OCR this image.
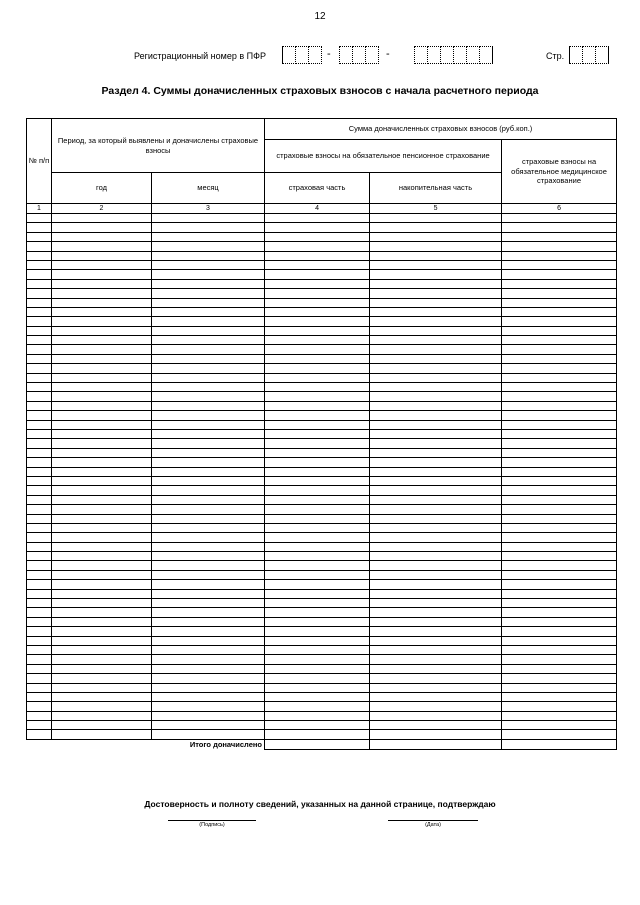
12
Регистрационный номер в ПФР	-	-	Стр.
Раздел 4. Суммы доначисленных страховых взносов с начала расчетного периода
№ п/п	Период, за который выявлены и доначислены страховые взносы		Сумма доначисленных страховых взносов (руб.коп.)		
			страховые взносы на обязательное пенсионное страхование		страховые взносы на обязательное медицинское страхование
	год	месяц	страховая часть	накопительная часть	
1	2	3	4	5	6

Итого доначислено					
Достоверность и полноту сведений, указанных на данной странице, подтверждаю
(Подпись)	(Дата)
